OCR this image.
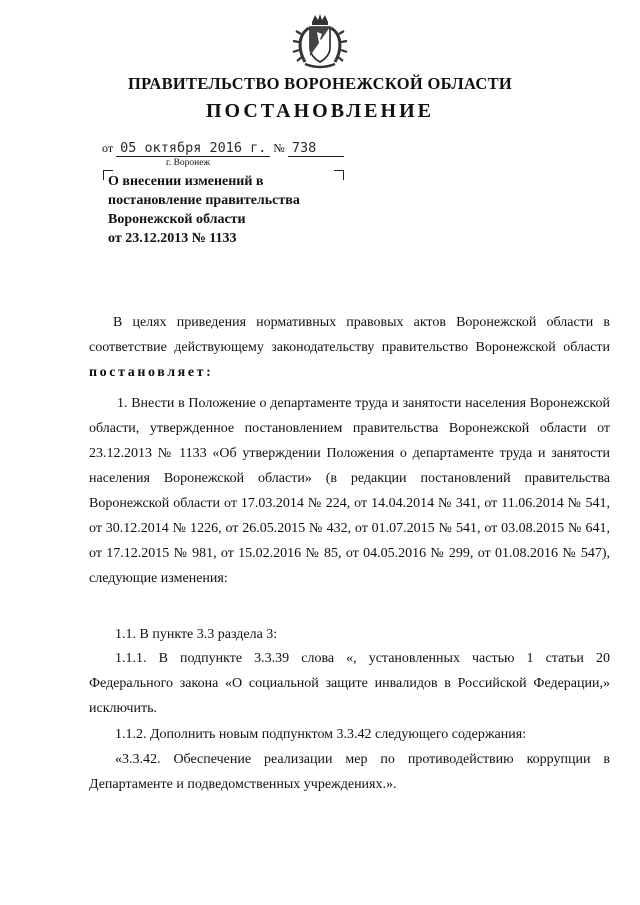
ПРАВИТЕЛЬСТВО ВОРОНЕЖСКОЙ ОБЛАСТИ
ПОСТАНОВЛЕНИЕ
от 05 октября 2016 г. № 738
г. Воронеж
О внесении изменений в
постановление правительства
Воронежской области
от 23.12.2013 № 1133
В целях приведения нормативных правовых актов Воронежской области в соответствие действующему законодательству правительство Воронежской области постановляет:
1. Внести в Положение о департаменте труда и занятости населения Воронежской области, утвержденное постановлением правительства Воронежской области от 23.12.2013 № 1133 «Об утверждении Положения о департаменте труда и занятости населения Воронежской области» (в редакции постановлений правительства Воронежской области от 17.03.2014 № 224, от 14.04.2014 № 341, от 11.06.2014 № 541, от 30.12.2014 № 1226, от 26.05.2015 № 432, от 01.07.2015 № 541, от 03.08.2015 № 641, от 17.12.2015 № 981, от 15.02.2016 № 85, от 04.05.2016 № 299, от 01.08.2016 № 547), следующие изменения:
1.1. В пункте 3.3 раздела 3:
1.1.1. В подпункте 3.3.39 слова «, установленных частью 1 статьи 20 Федерального закона «О социальной защите инвалидов в Российской Федерации,» исключить.
1.1.2. Дополнить новым подпунктом 3.3.42 следующего содержания:
«3.3.42. Обеспечение реализации мер по противодействию коррупции в Департаменте и подведомственных учреждениях.».
